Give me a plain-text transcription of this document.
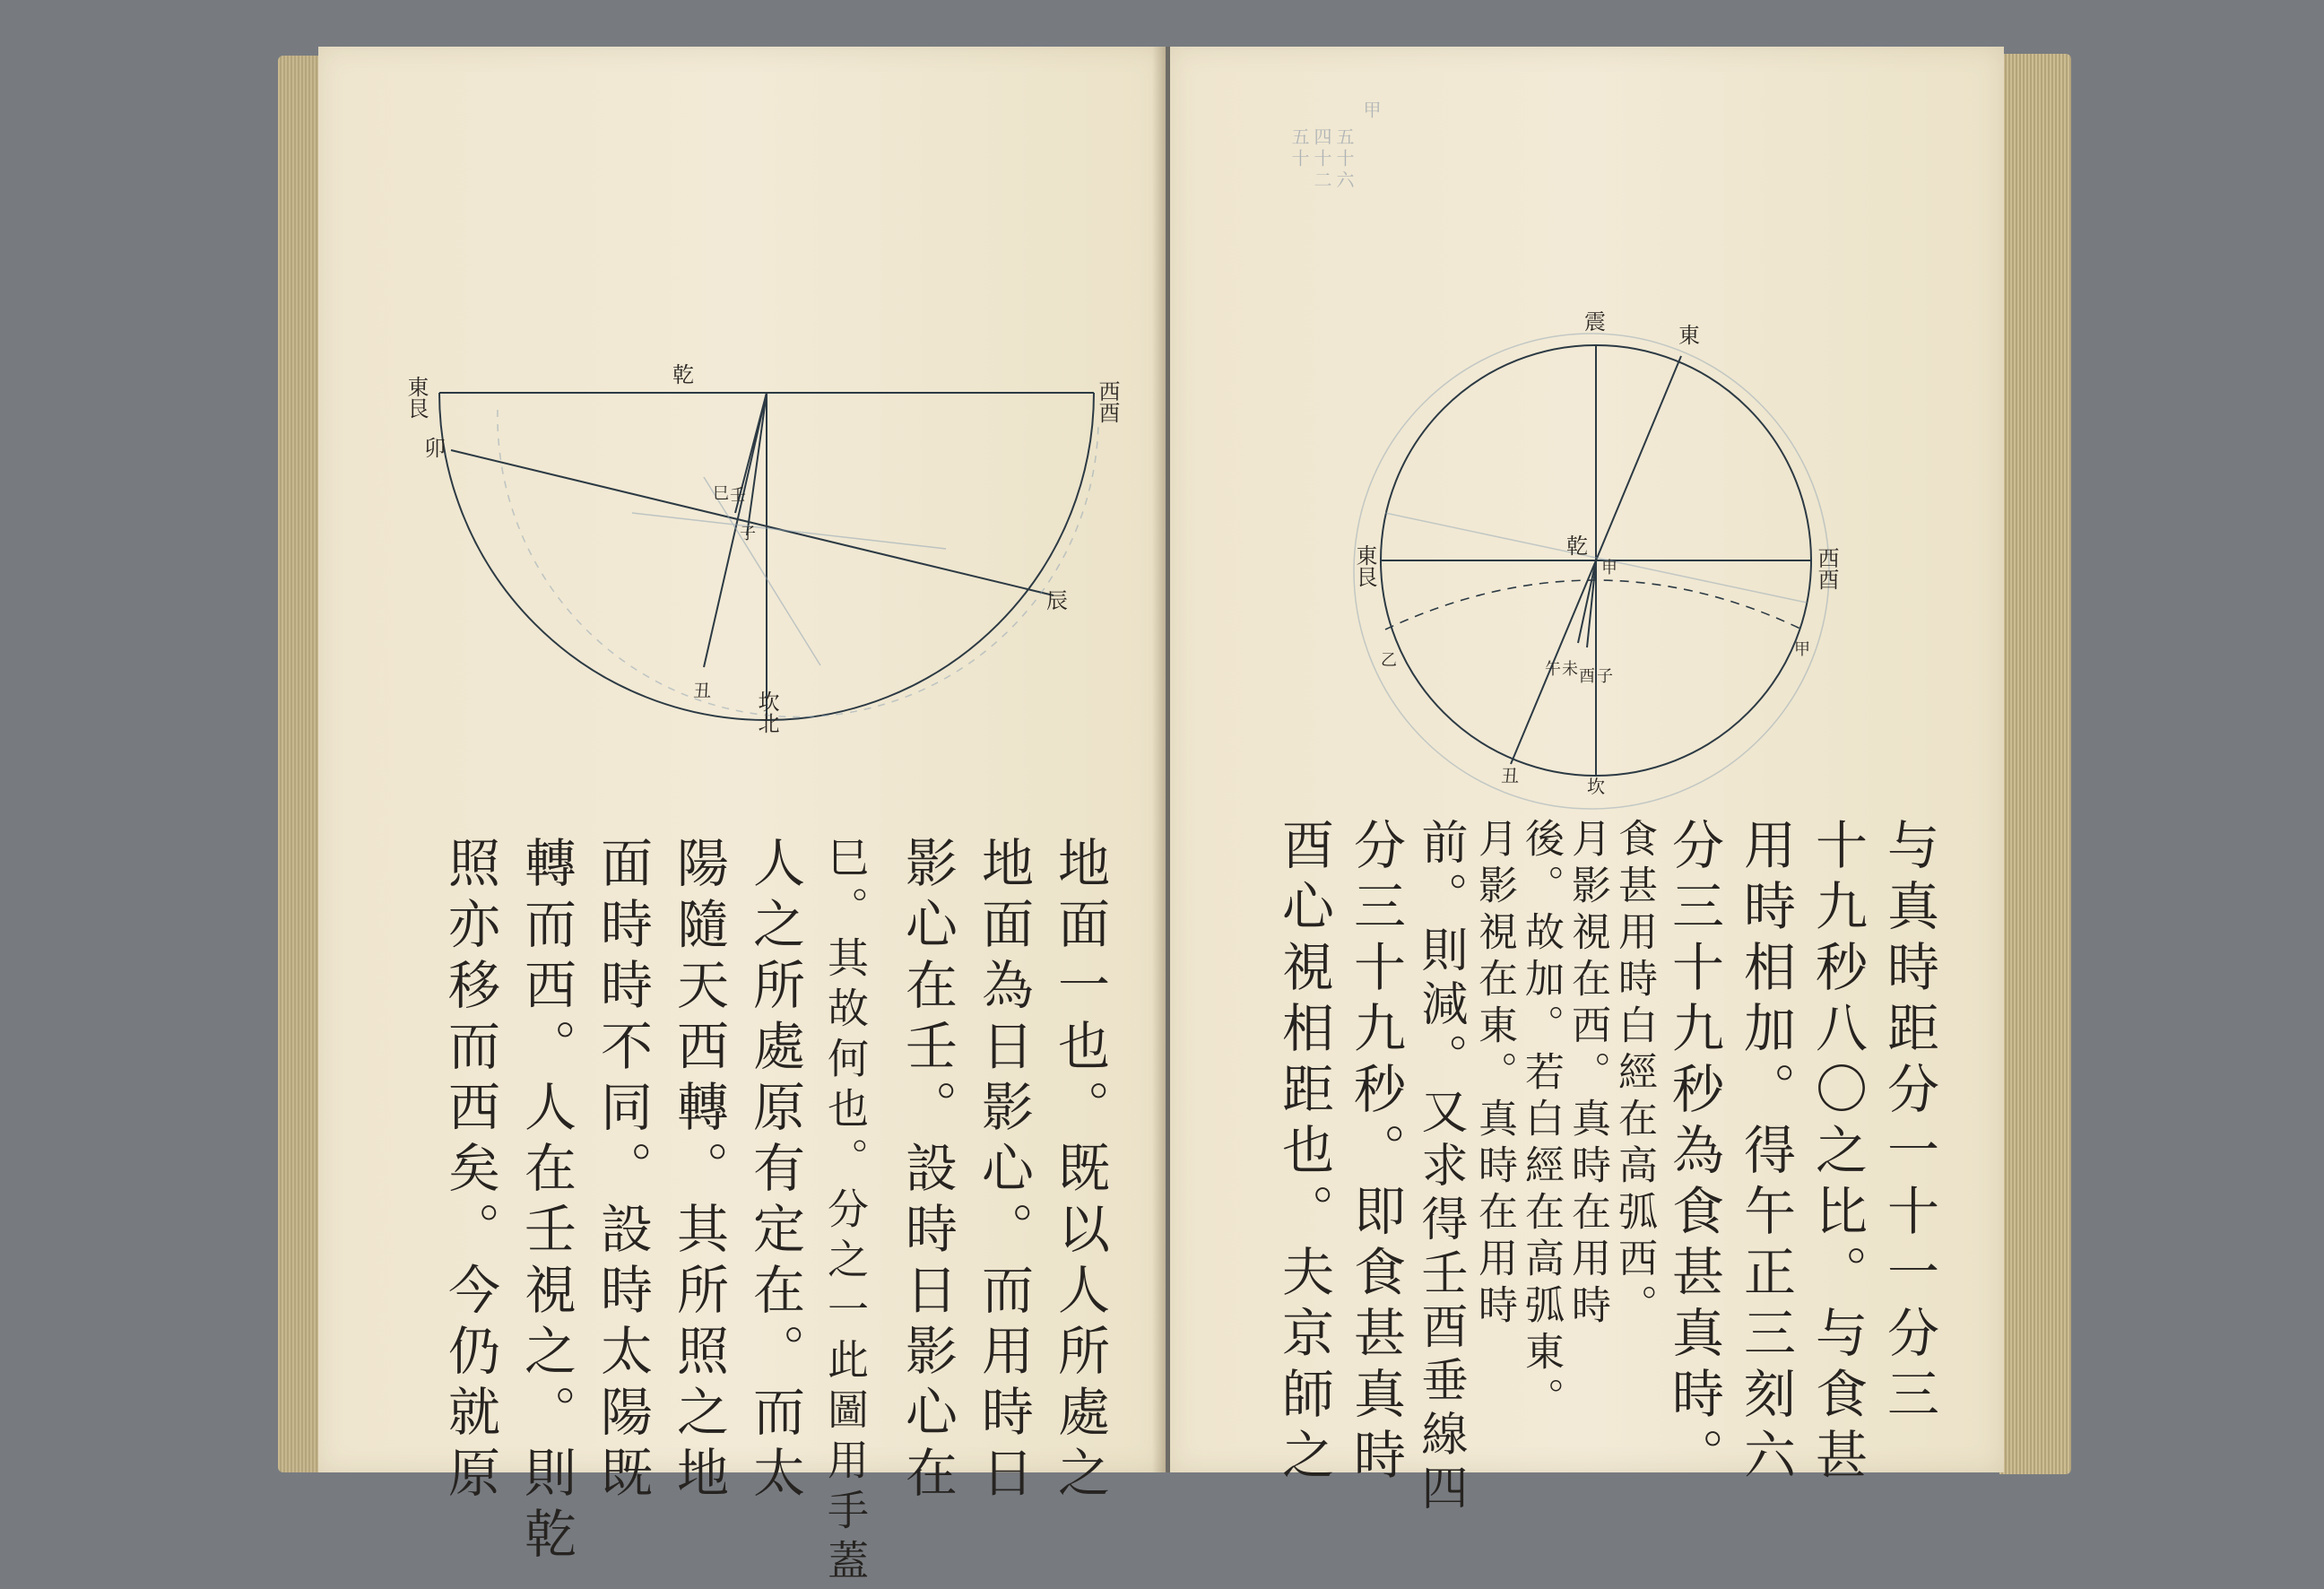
乾
東艮	西酉
卯
巳 壬
子
辰
丑 坎北
地面一也。既以人所處之
地面為日影心。而用時日
影心在壬。設時日影心在
巳。其故何也。分之一此圖用手蓋
人之所處原有定在。而太
陽隨天西轉。其所照之地
面時時不同。設時太陽既
轉而西。人在壬視之。則乾
照亦移而西矣。今仍就原
甲
五十六
四十二
五十
震
東
乾
申
東艮	西酉
乙
甲
午 未 酉 子
丑	坎
与真時距分一十一分三
十九秒八〇之比。与食甚
用時相加。得午正三刻六
分三十九秒為食甚真時。
食甚用時白經在高弧西。
月影視在西。真時在用時
後。故加。若白經在高弧東。
月影視在東。真時在用時
前。則減。又求得壬酉垂線四
分三十九秒。即食甚真時
酉心視相距也。夫京師之
